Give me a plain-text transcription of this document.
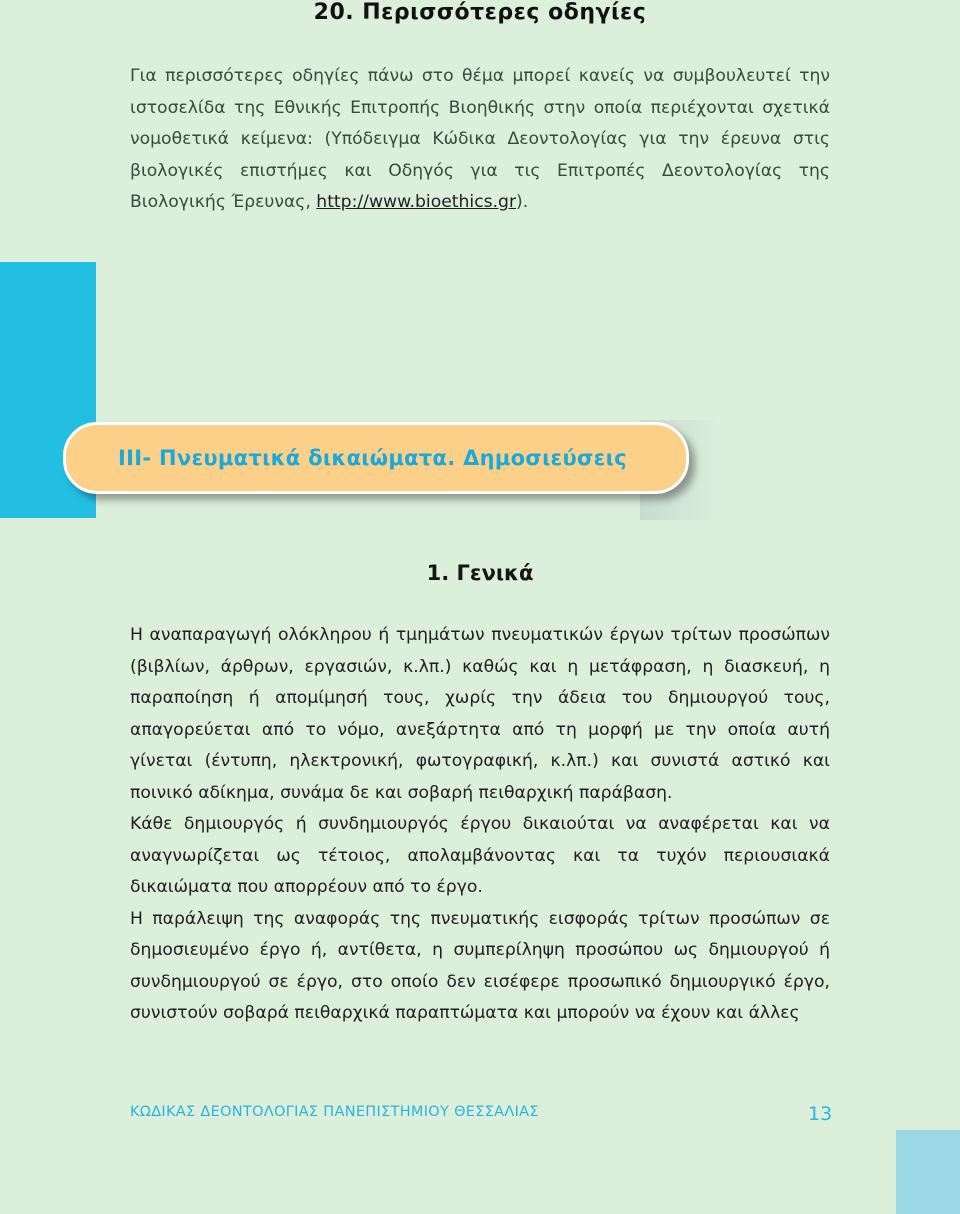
20. Περισσότερες οδηγίες

Για περισσότερες οδηγίες πάνω στο θέμα μπορεί κανείς να συμβουλευτεί την ιστοσελίδα της Εθνικής Επιτροπής Βιοηθικής στην οποία περιέχονται σχετικά νομοθετικά κείμενα: (Υπόδειγμα Κώδικα Δεοντολογίας για την έρευνα στις βιολογικές επιστήμες και Οδηγός για τις Επιτροπές Δεοντολογίας της Βιολογικής Έρευνας, http://www.bioethics.gr).

ΙΙΙ- Πνευματικά δικαιώματα. Δημοσιεύσεις
1. Γενικά

Η αναπαραγωγή ολόκληρου ή τμημάτων πνευματικών έργων τρίτων προσώπων (βιβλίων, άρθρων, εργασιών, κ.λπ.) καθώς και η μετάφραση, η διασκευή, η παραποίηση ή απομίμησή τους, χωρίς την άδεια του δημιουργού τους, απαγορεύεται από το νόμο, ανεξάρτητα από τη μορφή με την οποία αυτή γίνεται (έντυπη, ηλεκτρονική, φωτογραφική, κ.λπ.) και συνιστά αστικό και ποινικό αδίκημα, συνάμα δε και σοβαρή πειθαρχική παράβαση.

Κάθε δημιουργός ή συνδημιουργός έργου δικαιούται να αναφέρεται και να αναγνωρίζεται ως τέτοιος, απολαμβάνοντας και τα τυχόν περιουσιακά δικαιώματα που απορρέουν από το έργο.

Η παράλειψη της αναφοράς της πνευματικής εισφοράς τρίτων προσώπων σε δημοσιευμένο έργο ή, αντίθετα, η συμπερίληψη προσώπου ως δημιουργού ή συνδημιουργού σε έργο, στο οποίο δεν εισέφερε προσωπικό δημιουργικό έργο, συνιστούν σοβαρά πειθαρχικά παραπτώματα και μπορούν να έχουν και άλλες

ΚΩΔΙΚΑΣ ΔΕΟΝΤΟΛΟΓΙΑΣ ΠΑΝΕΠΙΣΤΗΜΙΟΥ ΘΕΣΣΑΛΙΑΣ	13
